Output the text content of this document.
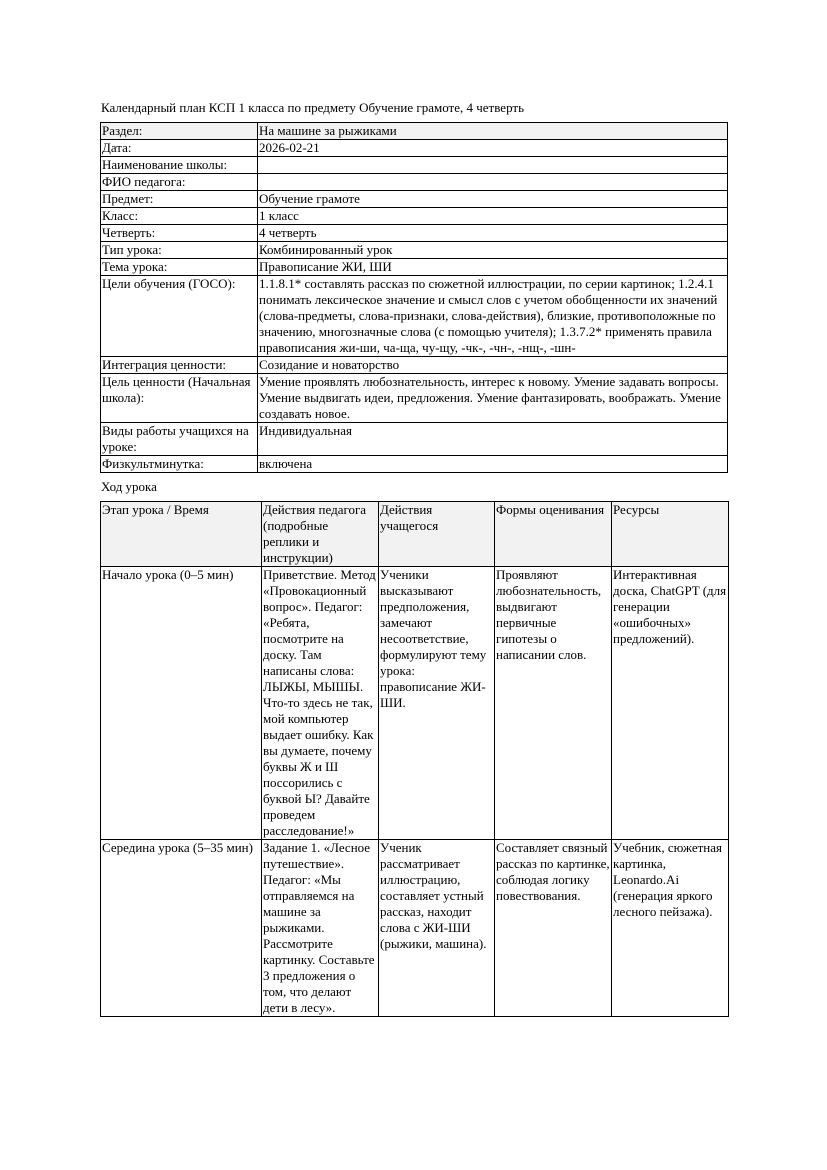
Календарный план КСП 1 класса по предмету Обучение грамоте, 4 четверть
Раздел:	На машине за рыжиками
Дата:	2026-02-21
Наименование школы:	
ФИО педагога:	
Предмет:	Обучение грамоте
Класс:	1 класс
Четверть:	4 четверть
Тип урока:	Комбинированный урок
Тема урока:	Правописание ЖИ, ШИ
Цели обучения (ГОСО):	1.1.8.1* составлять рассказ по сюжетной иллюстрации, по серии картинок; 1.2.4.1 понимать лексическое значение и смысл слов с учетом обобщенности их значений (слова-предметы, слова-признаки, слова-действия), близкие, противоположные по значению, многозначные слова (с помощью учителя); 1.3.7.2* применять правила правописания жи-ши, ча-ща, чу-щу, -чк-, -чн-, -нщ-, -шн-
Интеграция ценности:	Созидание и новаторство
Цель ценности (Начальная школа):	Умение проявлять любознательность, интерес к новому. Умение задавать вопросы. Умение выдвигать идеи, предложения. Умение фантазировать, воображать. Умение создавать новое.
Виды работы учащихся на уроке:	Индивидуальная
Физкультминутка:	включена
Ход урока
Этап урока / Время	Действия педагога (подробные реплики и инструкции)	Действия учащегося	Формы оценивания	Ресурсы
Начало урока (0–5 мин)	Приветствие. Метод «Провокационный вопрос». Педагог: «Ребята, посмотрите на доску. Там написаны слова: ЛЫЖЫ, МЫШЫ. Что-то здесь не так, мой компьютер выдает ошибку. Как вы думаете, почему буквы Ж и Ш поссорились с буквой Ы? Давайте проведем расследование!»	Ученики высказывают предположения, замечают несоответствие, формулируют тему урока: правописание ЖИ-ШИ.	Проявляют любознательность, выдвигают первичные гипотезы о написании слов.	Интерактивная доска, ChatGPT (для генерации «ошибочных» предложений).
Середина урока (5–35 мин)	Задание 1. «Лесное путешествие». Педагог: «Мы отправляемся на машине за рыжиками. Рассмотрите картинку. Составьте 3 предложения о том, что делают дети в лесу».	Ученик рассматривает иллюстрацию, составляет устный рассказ, находит слова с ЖИ-ШИ (рыжики, машина).	Составляет связный рассказ по картинке, соблюдая логику повествования.	Учебник, сюжетная картинка, Leonardo.Ai (генерация яркого лесного пейзажа).
